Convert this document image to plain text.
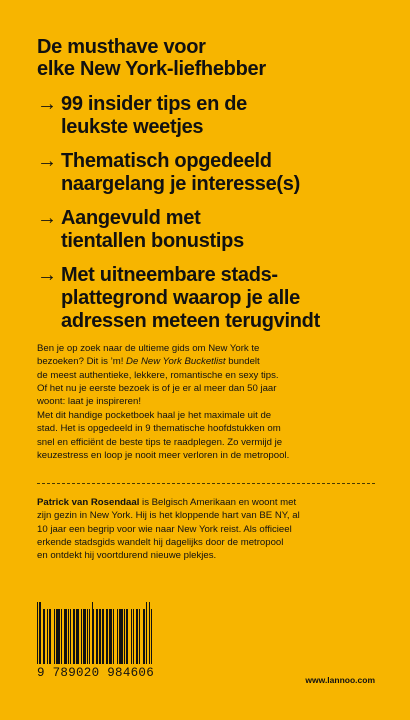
De musthave voor
elke New York-liefhebber
→ 99 insider tips en de
leukste weetjes
→ Thematisch opgedeeld
naargelang je interesse(s)
→ Aangevuld met
tientallen bonustips
→ Met uitneembare stads-
plattegrond waarop je alle
adressen meteen terugvindt

Ben je op zoek naar de ultieme gids om New York te
bezoeken? Dit is ’m! De New York Bucketlist bundelt
de meest authentieke, lekkere, romantische en sexy tips.
Of het nu je eerste bezoek is of je er al meer dan 50 jaar
woont: laat je inspireren!

Met dit handige pocketboek haal je het maximale uit de
stad. Het is opgedeeld in 9 thematische hoofdstukken om
snel en efficiënt de beste tips te raadplegen. Zo vermijd je
keuzestress en loop je nooit meer verloren in de metropool.

Patrick van Rosendaal is Belgisch Amerikaan en woont met
zijn gezin in New York. Hij is het kloppende hart van BE NY, al
10 jaar een begrip voor wie naar New York reist. Als officieel
erkende stadsgids wandelt hij dagelijks door de metropool
en ontdekt hij voortdurend nieuwe plekjes.

9 789020 984606	www.lannoo.com
